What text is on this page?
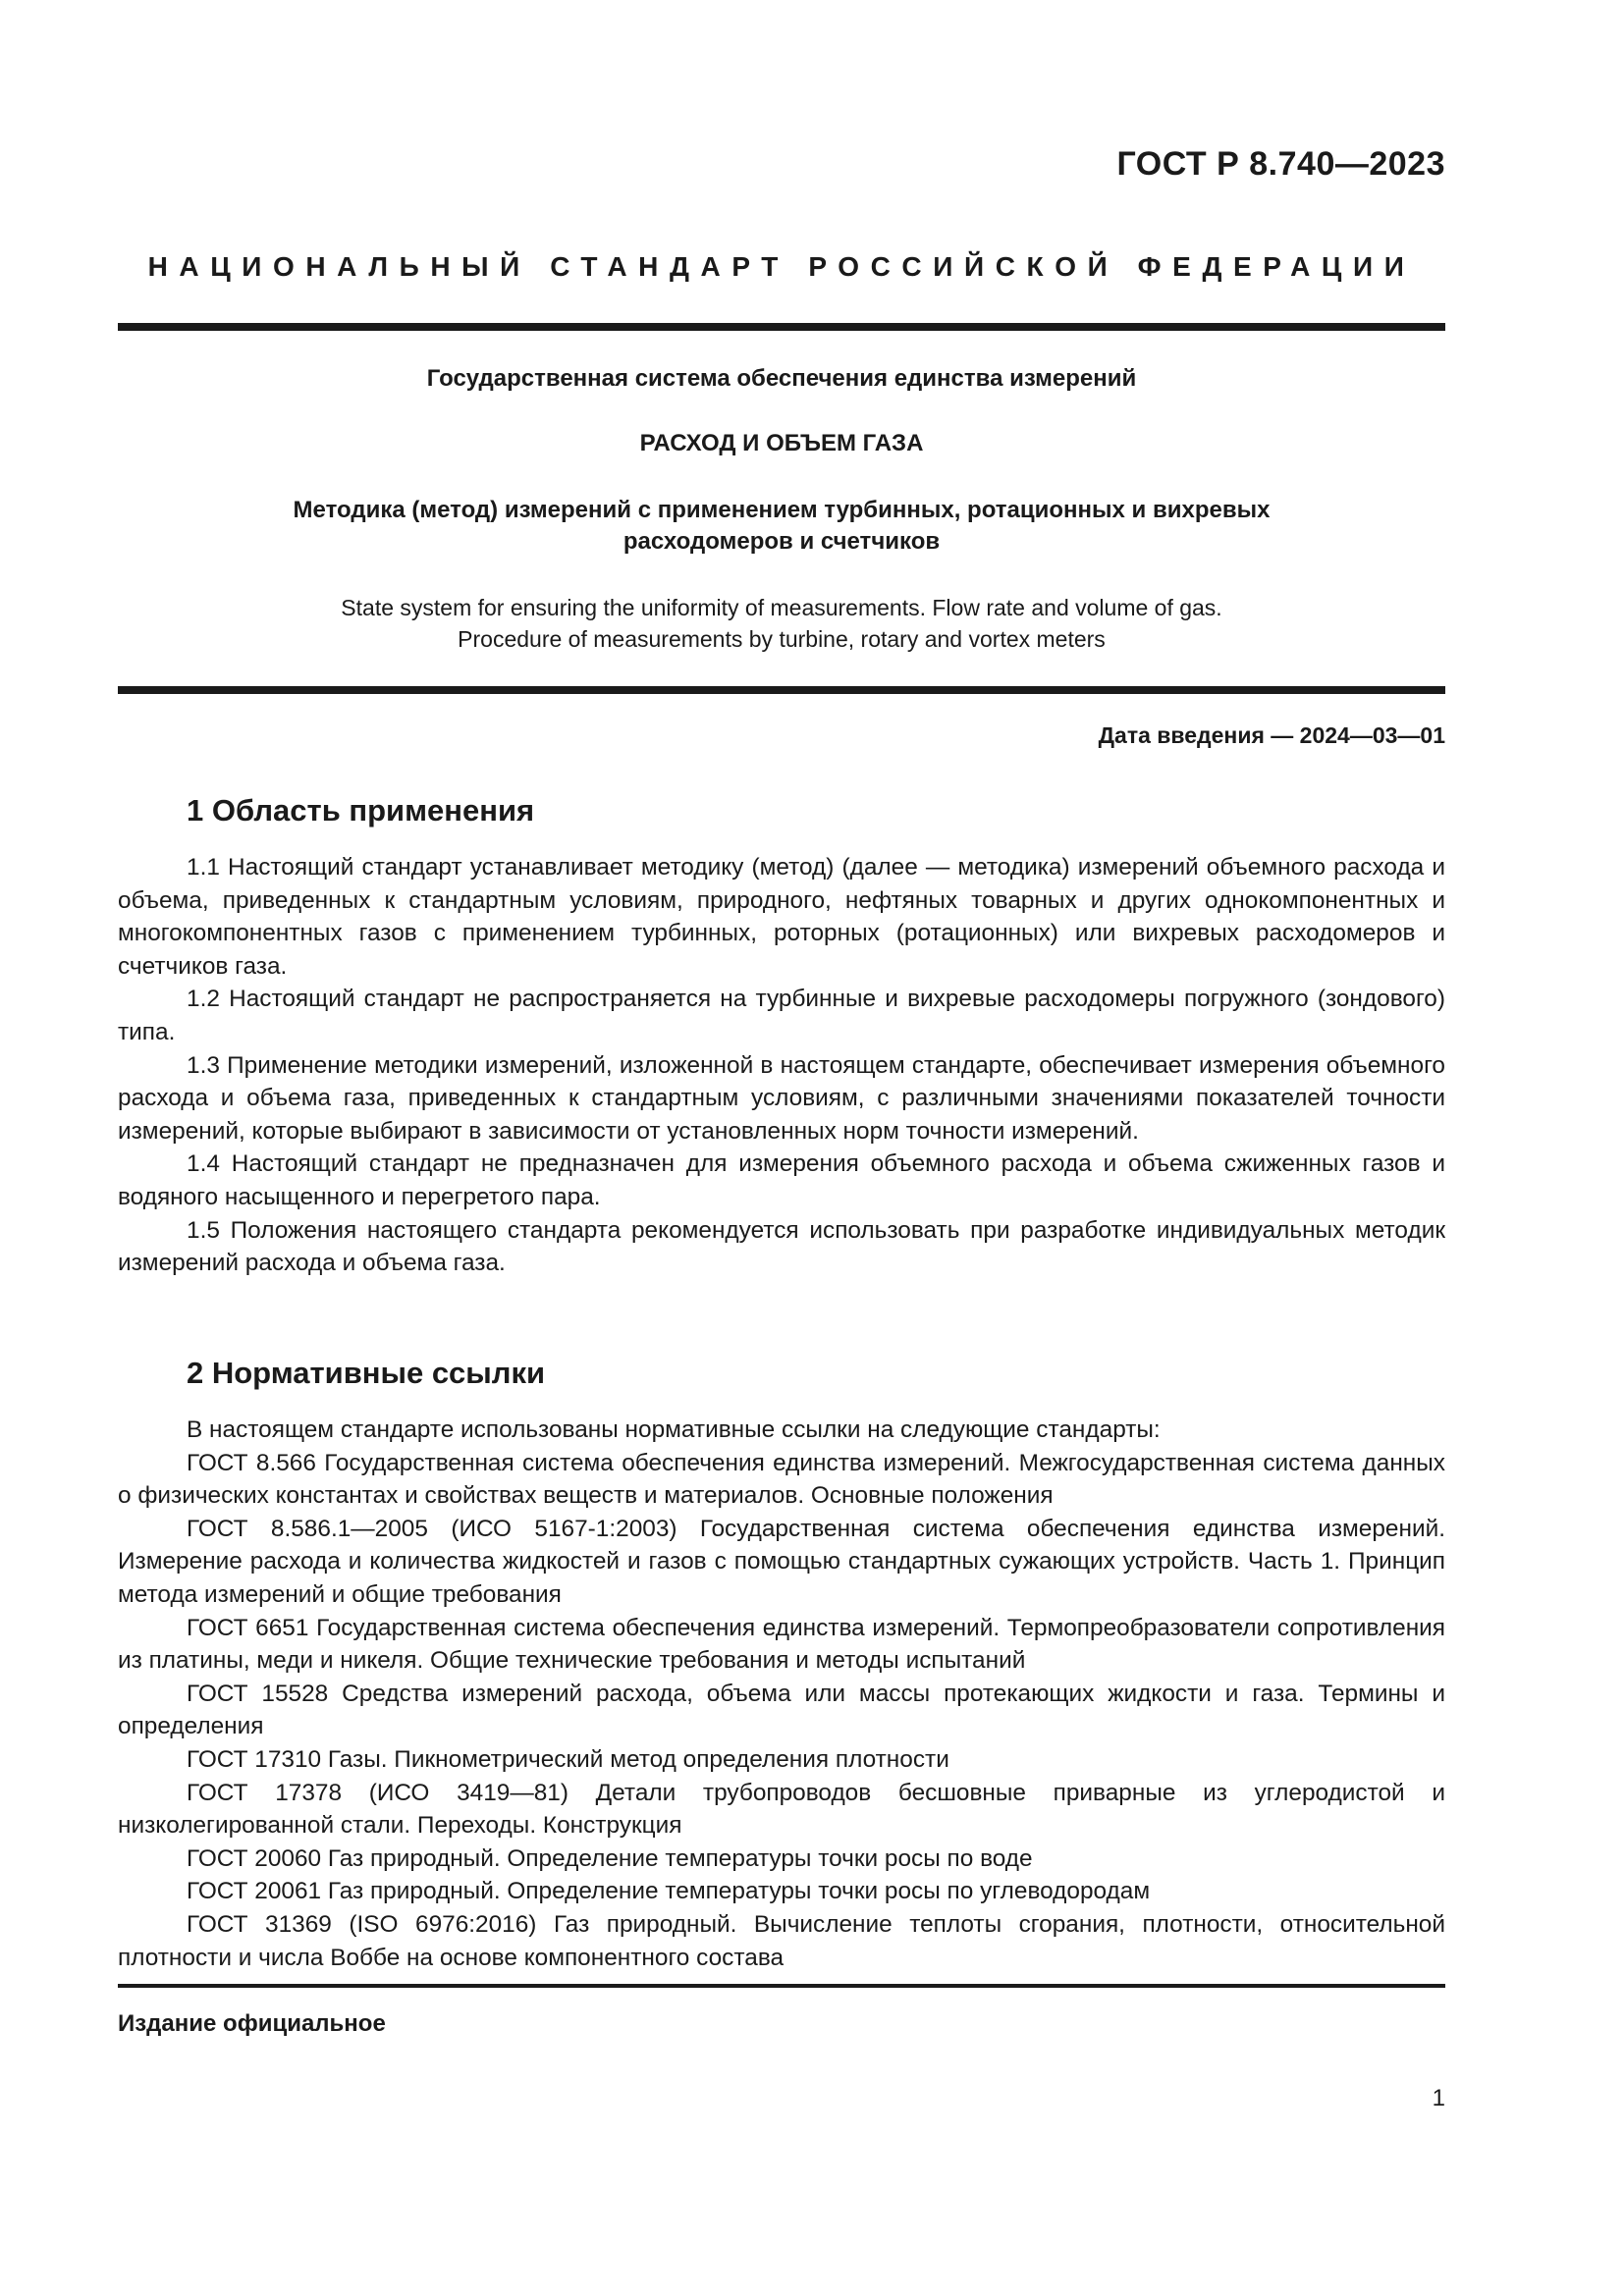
ГОСТ Р 8.740—2023
НАЦИОНАЛЬНЫЙ СТАНДАРТ РОССИЙСКОЙ ФЕДЕРАЦИИ
Государственная система обеспечения единства измерений
РАСХОД И ОБЪЕМ ГАЗА
Методика (метод) измерений с применением турбинных, ротационных и вихревых
расходомеров и счетчиков
State system for ensuring the uniformity of measurements. Flow rate and volume of gas.
Procedure of measurements by turbine, rotary and vortex meters
Дата введения — 2024—03—01
1 Область применения

1.1 Настоящий стандарт устанавливает методику (метод) (далее — методика) измерений объемного расхода и объема, приведенных к стандартным условиям, природного, нефтяных товарных и других однокомпонентных и многокомпонентных газов с применением турбинных, роторных (ротационных) или вихревых расходомеров и счетчиков газа.

1.2 Настоящий стандарт не распространяется на турбинные и вихревые расходомеры погружного (зондового) типа.

1.3 Применение методики измерений, изложенной в настоящем стандарте, обеспечивает измерения объемного расхода и объема газа, приведенных к стандартным условиям, с различными значениями показателей точности измерений, которые выбирают в зависимости от установленных норм точности измерений.

1.4 Настоящий стандарт не предназначен для измерения объемного расхода и объема сжиженных газов и водяного насыщенного и перегретого пара.

1.5 Положения настоящего стандарта рекомендуется использовать при разработке индивидуальных методик измерений расхода и объема газа.

2 Нормативные ссылки

В настоящем стандарте использованы нормативные ссылки на следующие стандарты:

ГОСТ 8.566 Государственная система обеспечения единства измерений. Межгосударственная система данных о физических константах и свойствах веществ и материалов. Основные положения

ГОСТ 8.586.1—2005 (ИСО 5167-1:2003) Государственная система обеспечения единства измерений. Измерение расхода и количества жидкостей и газов с помощью стандартных сужающих устройств. Часть 1. Принцип метода измерений и общие требования

ГОСТ 6651 Государственная система обеспечения единства измерений. Термопреобразователи сопротивления из платины, меди и никеля. Общие технические требования и методы испытаний

ГОСТ 15528 Средства измерений расхода, объема или массы протекающих жидкости и газа. Термины и определения

ГОСТ 17310 Газы. Пикнометрический метод определения плотности

ГОСТ 17378 (ИСО 3419—81) Детали трубопроводов бесшовные приварные из углеродистой и низколегированной стали. Переходы. Конструкция

ГОСТ 20060 Газ природный. Определение температуры точки росы по воде

ГОСТ 20061 Газ природный. Определение температуры точки росы по углеводородам

ГОСТ 31369 (ISO 6976:2016) Газ природный. Вычисление теплоты сгорания, плотности, относительной плотности и числа Воббе на основе компонентного состава

Издание официальное
1
